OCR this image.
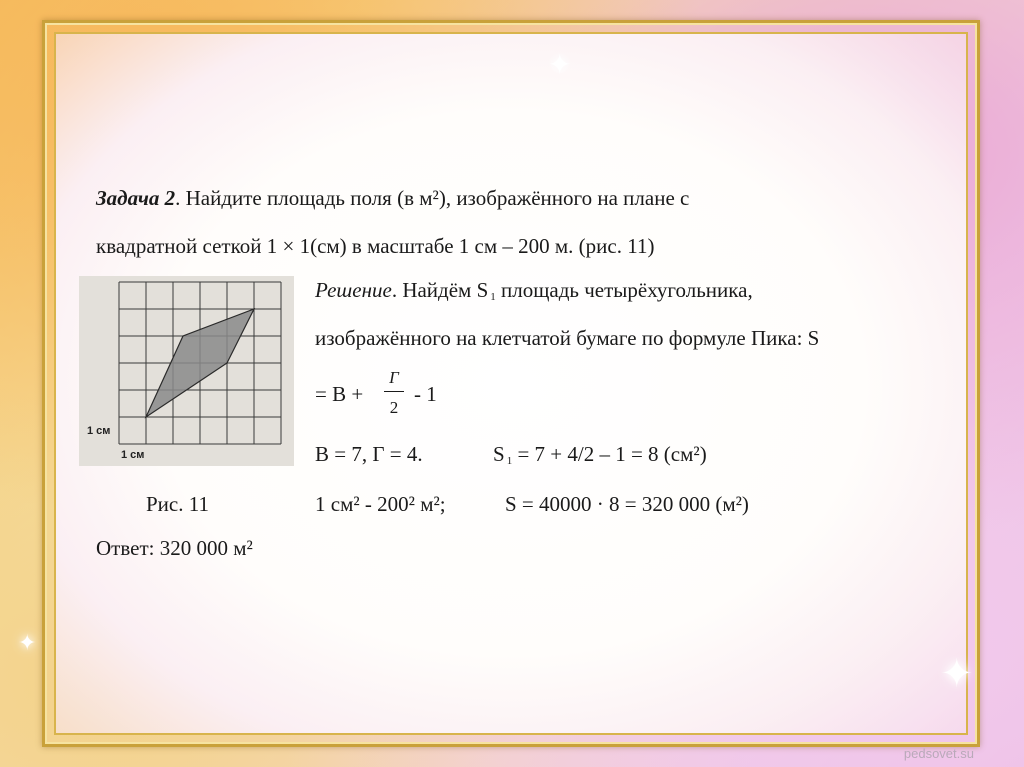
✦
✦
✦
Задача 2. Найдите площадь поля (в м²), изображённого на плане с
квадратной сеткой 1 × 1(см) в масштабе 1 см – 200 м. (рис. 11)
1 см
1 см
Решение. Найдём S $_1$ площадь четырёхугольника,
изображённого на клетчатой бумаге по формуле Пика: S
= В +
Г
2
- 1
В = 7, Г = 4.	S $_1$ = 7 + 4/2 – 1 = 8 (см²)
Рис. 11	1 см² - 200² м²;	S = 40000 · 8 = 320 000 (м²)
Ответ: 320 000 м²
pedsovet.su
